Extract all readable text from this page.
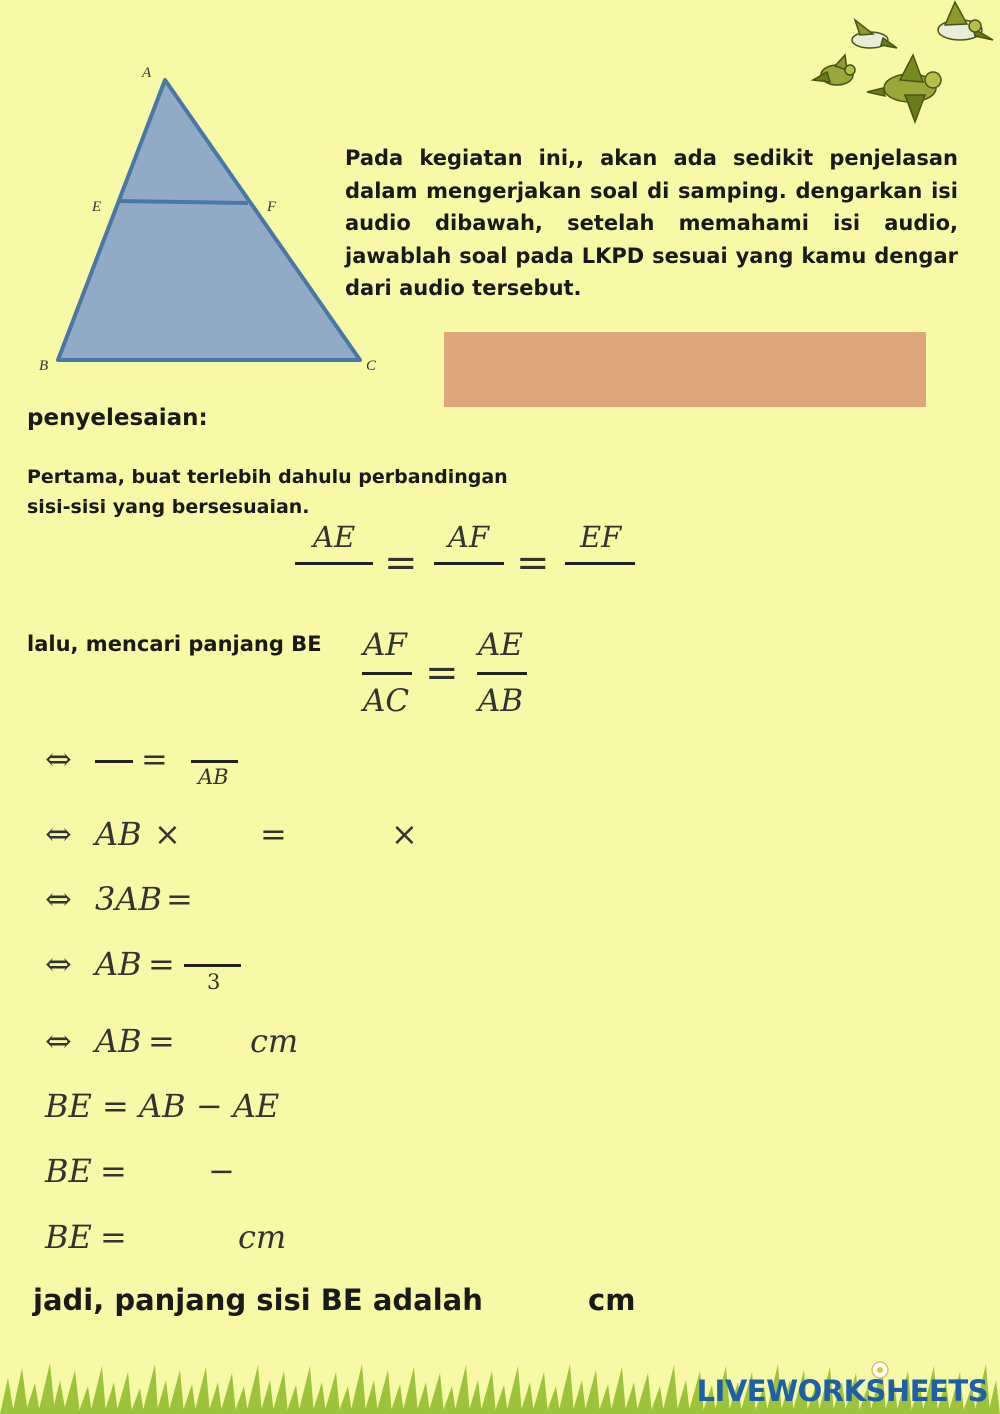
A
E	F
B	C
Pada kegiatan ini,, akan ada sedikit penjelasan dalam mengerjakan soal di samping. dengarkan isi audio dibawah, setelah memahami isi audio, jawablah soal pada LKPD sesuai yang kamu dengar dari audio tersebut.
penyelesaian:
Pertama, buat terlebih dahulu perbandingan sisi-sisi yang bersesuaian.
AE
=
AF
=
EF
lalu, mencari panjang BE AF
AC
=
AE
AB
⇔ = AB
⇔ AB × =	×
⇔ 3AB =
⇔ AB = 3
⇔ AB = cm
BE = AB − AE
BE =	−
BE =	cm
jadi, panjang sisi BE adalah	cm
LIVEWORKSHEETS
